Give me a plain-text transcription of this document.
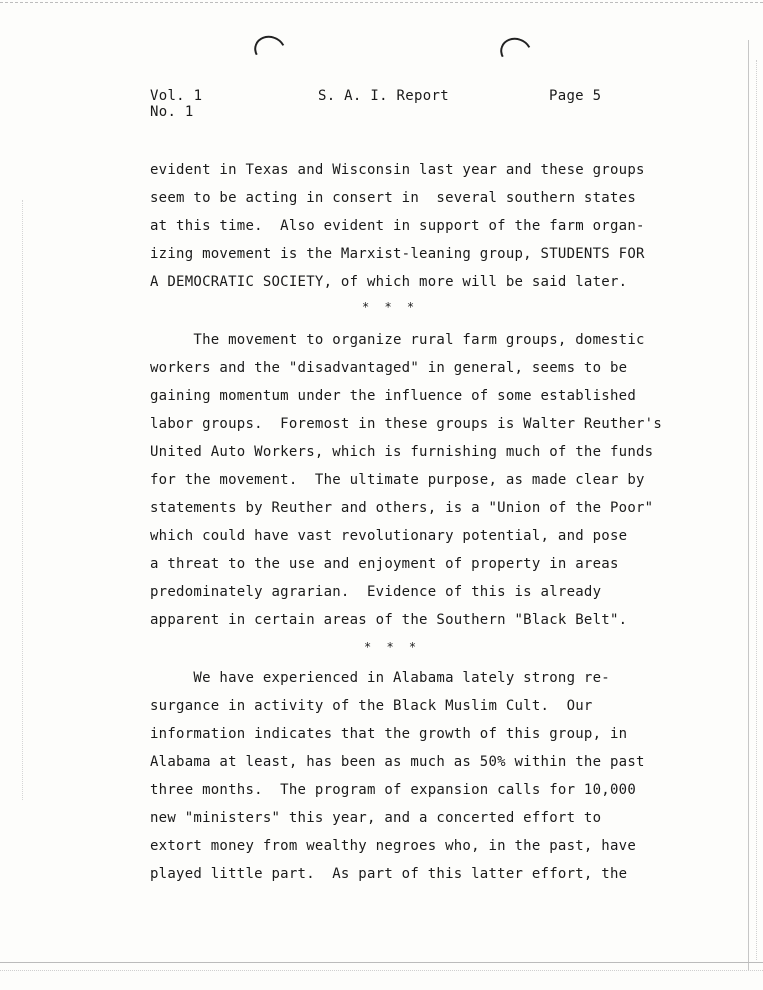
Vol. 1
No. 1
S. A. I. Report	Page 5
evident in Texas and Wisconsin last year and these groups
seem to be acting in consert in  several southern states
at this time.  Also evident in support of the farm organ-
izing movement is the Marxist-leaning group, STUDENTS FOR
A DEMOCRATIC SOCIETY, of which more will be said later.
* * *
The movement to organize rural farm groups, domestic
workers and the "disadvantaged" in general, seems to be
gaining momentum under the influence of some established
labor groups.  Foremost in these groups is Walter Reuther's
United Auto Workers, which is furnishing much of the funds
for the movement.  The ultimate purpose, as made clear by
statements by Reuther and others, is a "Union of the Poor"
which could have vast revolutionary potential, and pose
a threat to the use and enjoyment of property in areas
predominately agrarian.  Evidence of this is already
apparent in certain areas of the Southern "Black Belt".
* * *
We have experienced in Alabama lately strong re-
surgance in activity of the Black Muslim Cult.  Our
information indicates that the growth of this group, in
Alabama at least, has been as much as 50% within the past
three months.  The program of expansion calls for 10,000
new "ministers" this year, and a concerted effort to
extort money from wealthy negroes who, in the past, have
played little part.  As part of this latter effort, the
